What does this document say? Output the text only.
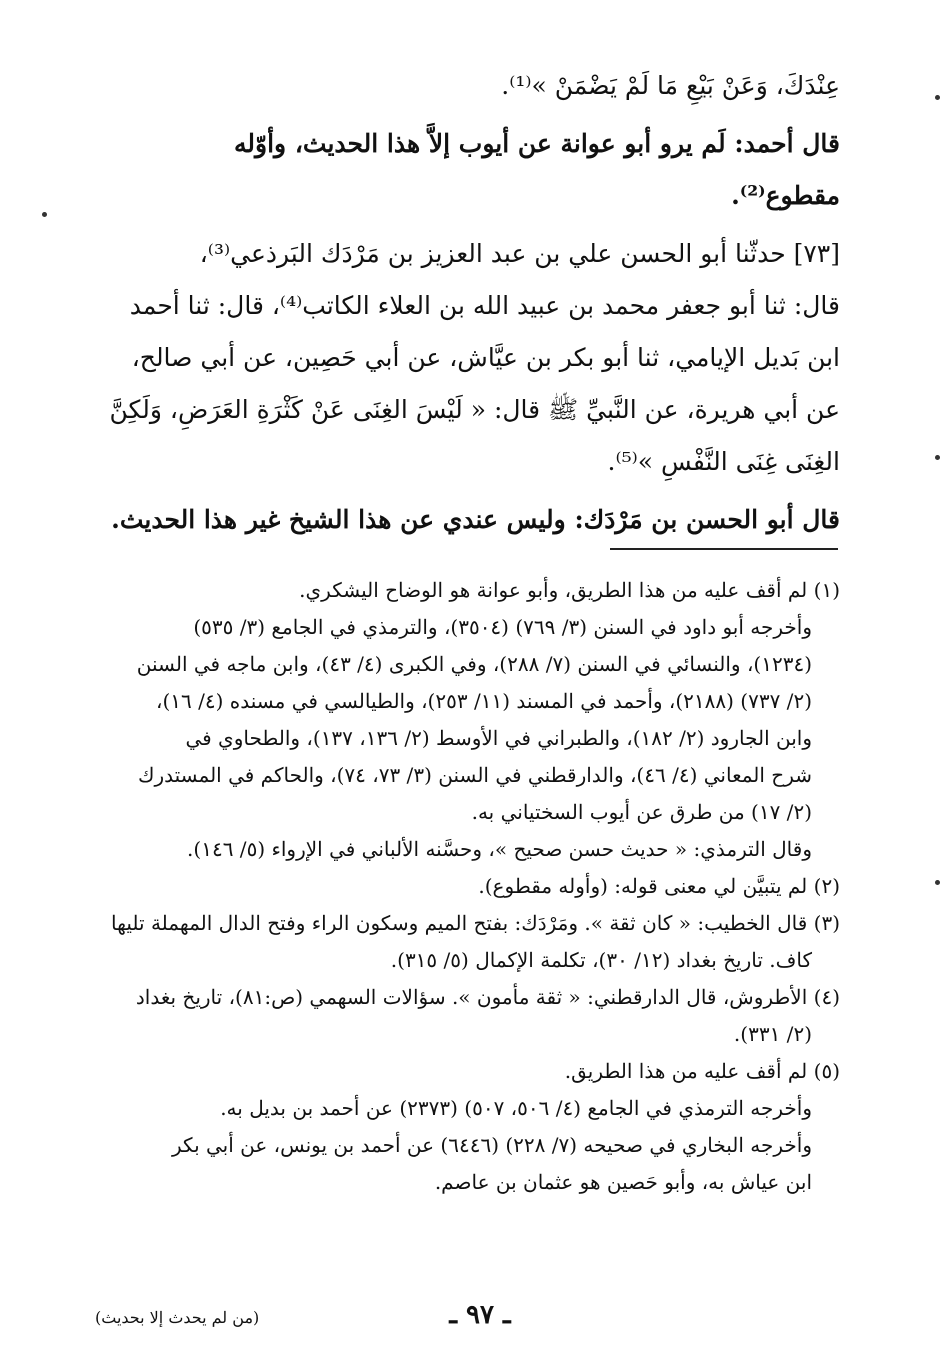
عِنْدَكَ، وَعَنْ بَيْعِ مَا لَمْ يَضْمَنْ »⁽¹⁾.
قال أحمد: لَم يرو أبو عوانة عن أيوب إلاَّ هذا الحديث، وأوّله
مقطوع⁽²⁾.
[٧٣] حدثّنا أبو الحسن علي بن عبد العزيز بن مَرْدَك البَرذعي⁽³⁾،
قال: ثنا أبو جعفر محمد بن عبيد الله بن العلاء الكاتب⁽⁴⁾، قال: ثنا أحمد
ابن بَديل الإيامي، ثنا أبو بكر بن عيَّاش، عن أبي حَصِين، عن أبي صالح،
عن أبي هريرة، عن النَّبيِّ ﷺ قال: « لَيْسَ الغِنَى عَنْ كَثْرَةِ العَرَضِ، وَلَكِنَّ
الغِنَى غِنَى النَّفْسِ »⁽⁵⁾.
قال أبو الحسن بن مَرْدَك: وليس عندي عن هذا الشيخ غير هذا الحديث.
(١) لم أقف عليه من هذا الطريق، وأبو عوانة هو الوضاح اليشكري.
وأخرجه أبو داود في السنن (٣/ ٧٦٩) (٣٥٠٤)، والترمذي في الجامع (٣/ ٥٣٥)
(١٢٣٤)، والنسائي في السنن (٧/ ٢٨٨)، وفي الكبرى (٤/ ٤٣)، وابن ماجه في السنن
(٢/ ٧٣٧) (٢١٨٨)، وأحمد في المسند (١١/ ٢٥٣)، والطيالسي في مسنده (٤/ ١٦)،
وابن الجارود (٢/ ١٨٢)، والطبراني في الأوسط (٢/ ١٣٦، ١٣٧)، والطحاوي في
شرح المعاني (٤/ ٤٦)، والدارقطني في السنن (٣/ ٧٣، ٧٤)، والحاكم في المستدرك
(٢/ ١٧) من طرق عن أيوب السختياني به.
وقال الترمذي: « حديث حسن صحيح »، وحسَّنه الألباني في الإرواء (٥/ ١٤٦).
(٢) لم يتبيَّن لي معنى قوله: (وأوله مقطوع).
(٣) قال الخطيب: « كان ثقة ». ومَرْدَك: بفتح الميم وسكون الراء وفتح الدال المهملة تليها
كاف. تاريخ بغداد (١٢/ ٣٠)، تكلمة الإكمال (٥/ ٣١٥).
(٤) الأطروش، قال الدارقطني: « ثقة مأمون ». سؤالات السهمي (ص:٨١)، تاريخ بغداد
(٢/ ٣٣١).
(٥) لم أقف عليه من هذا الطريق.
وأخرجه الترمذي في الجامع (٤/ ٥٠٦، ٥٠٧) (٢٣٧٣) عن أحمد بن بديل به.
وأخرجه البخاري في صحيحه (٧/ ٢٢٨) (٦٤٤٦) عن أحمد بن يونس، عن أبي بكر
ابن عياش به، وأبو حَصين هو عثمان بن عاصم.
ـ ٩٧ ـ
(من لم يحدث إلا بحديث)
